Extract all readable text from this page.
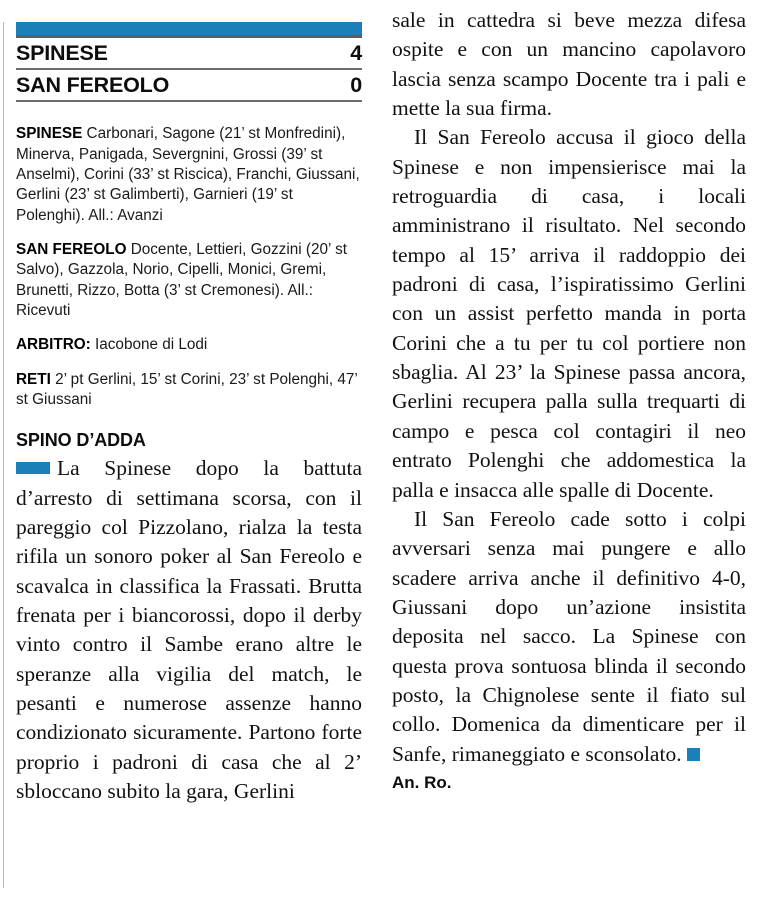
SPINESE	4
SAN FEREOLO	0

SPINESE Carbonari, Sagone (21’ st Monfredini), Minerva, Panigada, Severgnini, Grossi (39’ st Anselmi), Corini (33’ st Riscica), Franchi, Giussani, Gerlini (23’ st Galimberti), Garnieri (19’ st Polenghi). All.: Avanzi

SAN FEREOLO Docente, Lettieri, Gozzini (20’ st Salvo), Gazzola, Norio, Cipelli, Monici, Gremi, Brunetti, Rizzo, Botta (3’ st Cremonesi). All.: Ricevuti

ARBITRO: Iacobone di Lodi

RETI 2’ pt Gerlini, 15’ st Corini, 23’ st Polenghi, 47’ st Giussani

SPINO D’ADDA

La Spinese dopo la battuta d’arresto di settimana scorsa, con il pareggio col Pizzolano, rialza la testa rifila un sonoro poker al San Fereolo e scavalca in classifica la Frassati. Brutta frenata per i biancorossi, dopo il derby vinto contro il Sambe erano altre le speranze alla vigilia del match, le pesanti e numerose assenze hanno condizionato sicuramente. Partono forte proprio i padroni di casa che al 2’ sbloccano subito la gara, Gerlini

sale in cattedra si beve mezza difesa ospite e con un mancino capolavoro lascia senza scampo Docente tra i pali e mette la sua firma.

Il San Fereolo accusa il gioco della Spinese e non impensierisce mai la retroguardia di casa, i locali amministrano il risultato. Nel secondo tempo al 15’ arriva il raddoppio dei padroni di casa, l’ispiratissimo Gerlini con un assist perfetto manda in porta Corini che a tu per tu col portiere non sbaglia. Al 23’ la Spinese passa ancora, Gerlini recupera palla sulla trequarti di campo e pesca col contagiri il neo entrato Polenghi che addomestica la palla e insacca alle spalle di Docente.

Il San Fereolo cade sotto i colpi avversari senza mai pungere e allo scadere arriva anche il definitivo 4-0, Giussani dopo un’azione insistita deposita nel sacco. La Spinese con questa prova sontuosa blinda il secondo posto, la Chignolese sente il fiato sul collo. Domenica da dimenticare per il Sanfe, rimaneggiato e sconsolato.

An. Ro.
